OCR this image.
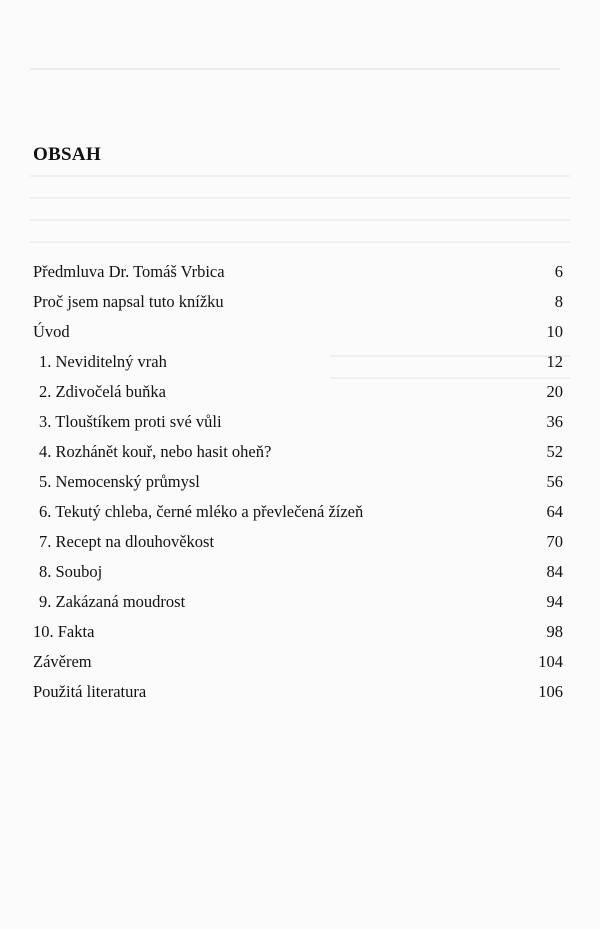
OBSAH
Předmluva Dr. Tomáš Vrbica	6
Proč jsem napsal tuto knížku	8
Úvod	10
1. Neviditelný vrah	12
2. Zdivočelá buňka	20
3. Tlouštíkem proti své vůli	36
4. Rozhánět kouř, nebo hasit oheň?	52
5. Nemocenský průmysl	56
6. Tekutý chleba, černé mléko a převlečená žízeň	64
7. Recept na dlouhověkost	70
8. Souboj	84
9. Zakázaná moudrost	94
10. Fakta	98
Závěrem	104
Použitá literatura	106
